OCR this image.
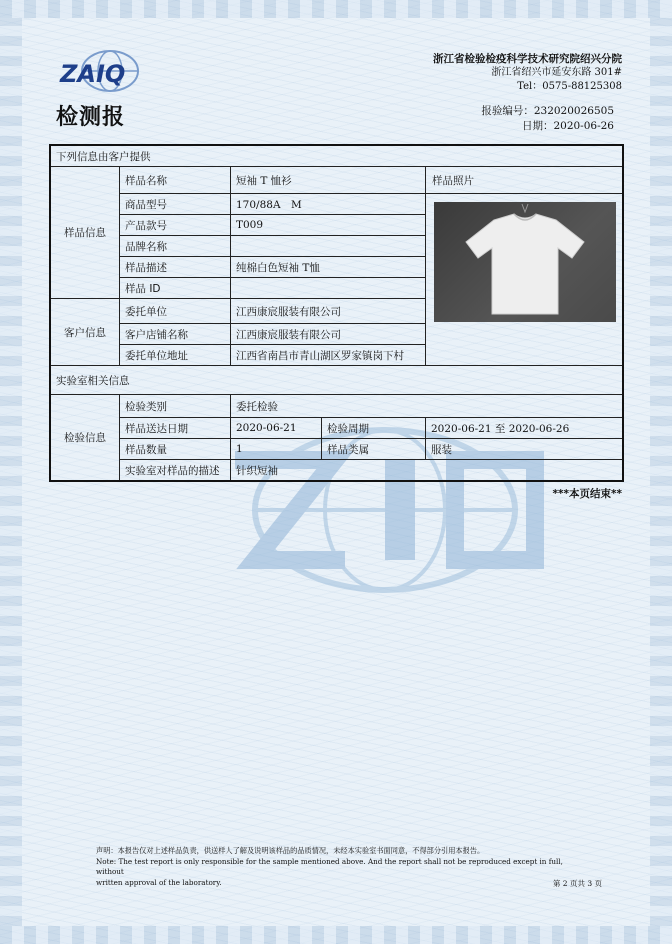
ZAIQ
浙江省检验检疫科学技术研究院绍兴分院
浙江省绍兴市延安东路 301#
Tel：0575-88125308
检测报	报验编号：232020026505
日期：2020-06-26
下列信息由客户提供				
样品信息	样品名称	短袖 T 恤衫		样品照片
	商品型号	170/88A　M	

	产品款号	T009		
	品牌名称			
	样品描述	纯棉白色短袖 T恤		
	样品 ID			
客户信息	委托单位	江西康宸服装有限公司		
	客户店铺名称	江西康宸服装有限公司		
	委托单位地址	江西省南昌市青山湖区罗家镇岗下村		
实验室相关信息				
检验信息	检验类别	委托检验		
	样品送达日期	2020-06-21	检验周期	2020-06-21 至 2020-06-26
	样品数量	1	样品类属	服装
	实验室对样品的描述	针织短袖		
***本页结束**
声明：本报告仅对上述样品负责，供送样人了解及说明该样品的品质情况，未经本实验室书面同意，不得部分引用本报告。
Note: The test report is only responsible for the sample mentioned above. And the report shall not be reproduced except in full, without
written approval of the laboratory.	第 2 页共 3 页
